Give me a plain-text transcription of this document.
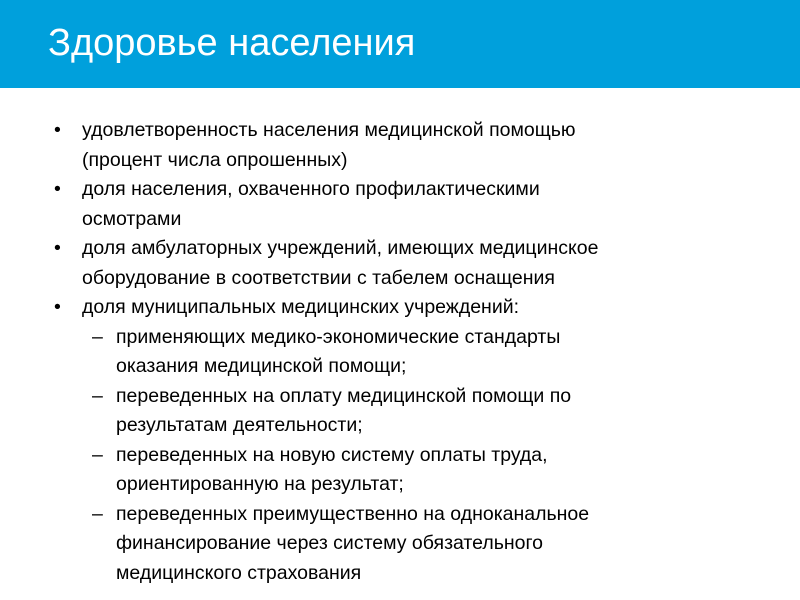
Здоровье населения
• удовлетворенность населения медицинской помощью
(процент числа опрошенных)
• доля населения, охваченного профилактическими
осмотрами
• доля амбулаторных учреждений, имеющих медицинское
оборудование в соответствии с табелем оснащения
• доля муниципальных медицинских учреждений:
– применяющих медико-экономические стандарты
оказания медицинской помощи;
– переведенных на оплату медицинской помощи по
результатам деятельности;
– переведенных на новую систему оплаты труда,
ориентированную на результат;
– переведенных преимущественно на одноканальное
финансирование через систему обязательного
медицинского страхования
